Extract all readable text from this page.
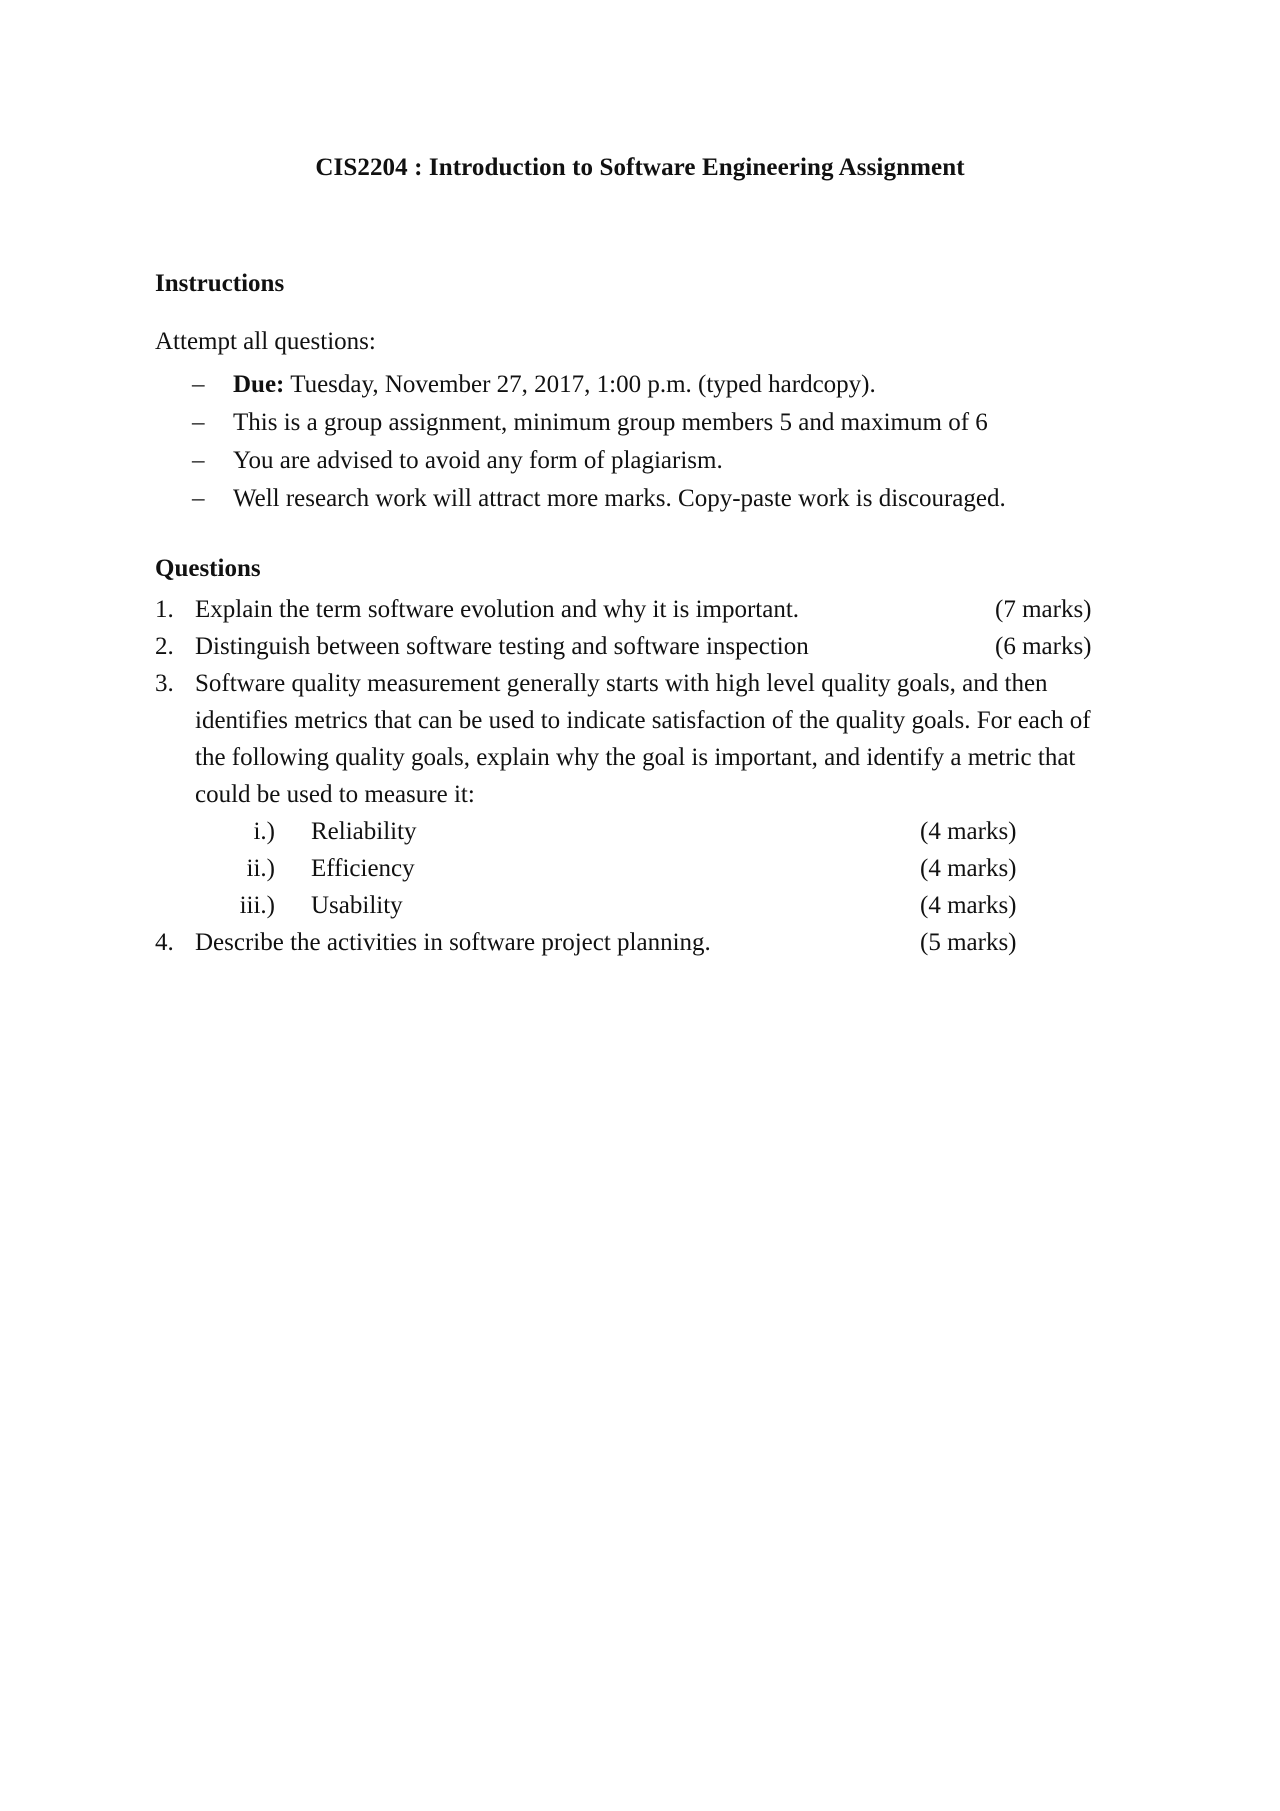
CIS2204 : Introduction to Software Engineering Assignment
Instructions
Attempt all questions:
– Due: Tuesday, November 27, 2017, 1:00 p.m. (typed hardcopy).
– This is a group assignment, minimum group members 5 and maximum of 6
– You are advised to avoid any form of plagiarism.
– Well research work will attract more marks. Copy-paste work is discouraged.
Questions
1. Explain the term software evolution and why it is important.	(7 marks)
2. Distinguish between software testing and software inspection	(6 marks)
3. Software quality measurement generally starts with high level quality goals, and then identifies metrics that can be used to indicate satisfaction of the quality goals. For each of the following quality goals, explain why the goal is important, and identify a metric that could be used to measure it:
i.) Reliability	(4 marks)
ii.) Efficiency	(4 marks)
iii.) Usability	(4 marks)
4. Describe the activities in software project planning.	(5 marks)
